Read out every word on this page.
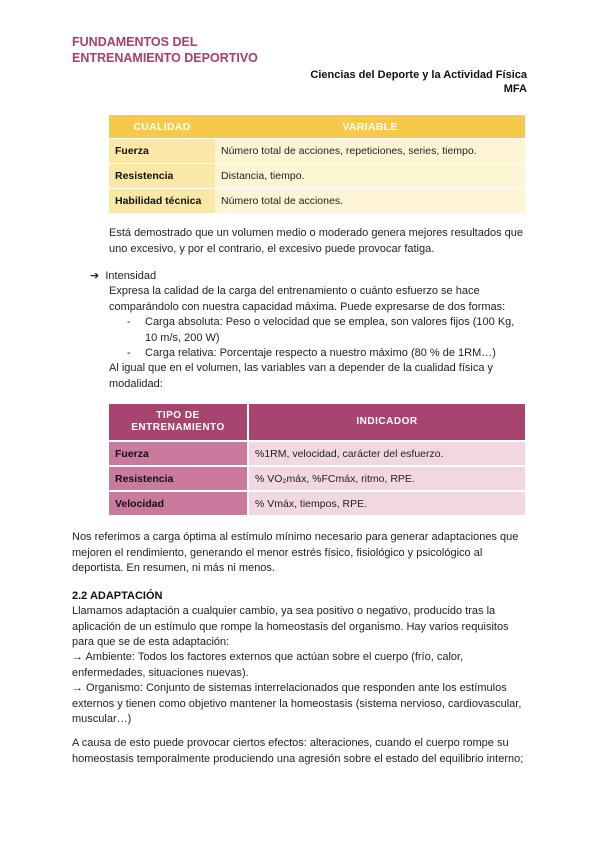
FUNDAMENTOS DEL
ENTRENAMIENTO DEPORTIVO
Ciencias del Deporte y la Actividad Física
MFA
CUALIDAD	VARIABLE
Fuerza	Número total de acciones, repeticiones, series, tiempo.
Resistencia	Distancia, tiempo.
Habilidad técnica	Número total de acciones.
Está demostrado que un volumen medio o moderado genera mejores resultados que uno excesivo, y por el contrario, el excesivo puede provocar fatiga.
➔ Intensidad
Expresa la calidad de la carga del entrenamiento o cuánto esfuerzo se hace comparándolo con nuestra capacidad máxima. Puede expresarse de dos formas:
- Carga absoluta: Peso o velocidad que se emplea, son valores fijos (100 Kg, 10 m/s, 200 W)
- Carga relativa: Porcentaje respecto a nuestro máximo (80 % de 1RM…)
Al igual que en el volumen, las variables van a depender de la cualidad física y modalidad:
TIPO DE ENTRENAMIENTO	INDICADOR
Fuerza	%1RM, velocidad, carácter del esfuerzo.
Resistencia	% VO₂máx, %FCmáx, ritmo, RPE.
Velocidad	% Vmáx, tiempos, RPE.
Nos referimos a carga óptima al estímulo mínimo necesario para generar adaptaciones que mejoren el rendimiento, generando el menor estrés físico, fisiológico y psicológico al deportista. En resumen, ni más ni menos.
2.2 ADAPTACIÓN
Llamamos adaptación a cualquier cambio, ya sea positivo o negativo, producido tras la aplicación de un estímulo que rompe la homeostasis del organismo. Hay varios requisitos para que se de esta adaptación:
→ Ambiente: Todos los factores externos que actúan sobre el cuerpo (frío, calor, enfermedades, situaciones nuevas).
→ Organismo: Conjunto de sistemas interrelacionados que responden ante los estímulos externos y tienen como objetivo mantener la homeostasis (sistema nervioso, cardiovascular, muscular…)
A causa de esto puede provocar ciertos efectos: alteraciones, cuando el cuerpo rompe su homeostasis temporalmente produciendo una agresión sobre el estado del equilibrio interno;
